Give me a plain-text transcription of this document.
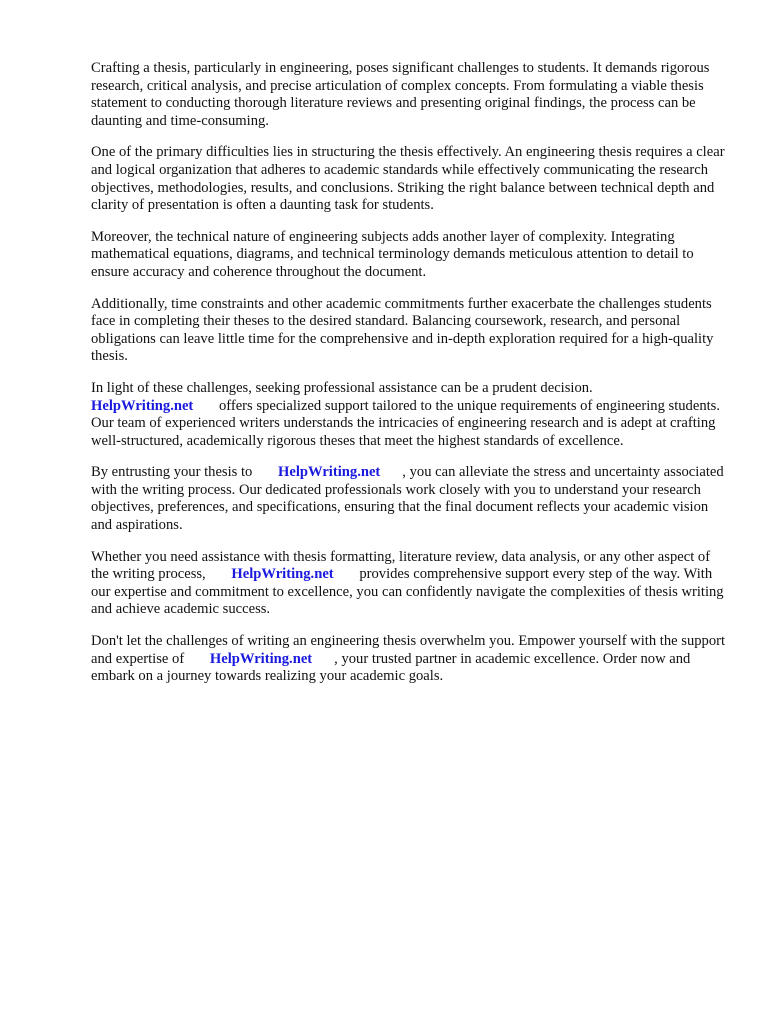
Crafting a thesis, particularly in engineering, poses significant challenges to students. It demands rigorous research, critical analysis, and precise articulation of complex concepts. From formulating a viable thesis statement to conducting thorough literature reviews and presenting original findings, the process can be daunting and time-consuming.

One of the primary difficulties lies in structuring the thesis effectively. An engineering thesis requires a clear and logical organization that adheres to academic standards while effectively communicating the research objectives, methodologies, results, and conclusions. Striking the right balance between technical depth and clarity of presentation is often a daunting task for students.

Moreover, the technical nature of engineering subjects adds another layer of complexity. Integrating mathematical equations, diagrams, and technical terminology demands meticulous attention to detail to ensure accuracy and coherence throughout the document.

Additionally, time constraints and other academic commitments further exacerbate the challenges students face in completing their theses to the desired standard. Balancing coursework, research, and personal obligations can leave little time for the comprehensive and in-depth exploration required for a high-quality thesis.

In light of these challenges, seeking professional assistance can be a prudent decision.
HelpWriting.net offers specialized support tailored to the unique requirements of engineering students. Our team of experienced writers understands the intricacies of engineering research and is adept at crafting well-structured, academically rigorous theses that meet the highest standards of excellence.

By entrusting your thesis to HelpWriting.net , you can alleviate the stress and uncertainty associated with the writing process. Our dedicated professionals work closely with you to understand your research objectives, preferences, and specifications, ensuring that the final document reflects your academic vision and aspirations.

Whether you need assistance with thesis formatting, literature review, data analysis, or any other aspect of the writing process, HelpWriting.net provides comprehensive support every step of the way. With our expertise and commitment to excellence, you can confidently navigate the complexities of thesis writing and achieve academic success.

Don't let the challenges of writing an engineering thesis overwhelm you. Empower yourself with the support and expertise of HelpWriting.net , your trusted partner in academic excellence. Order now and embark on a journey towards realizing your academic goals.
